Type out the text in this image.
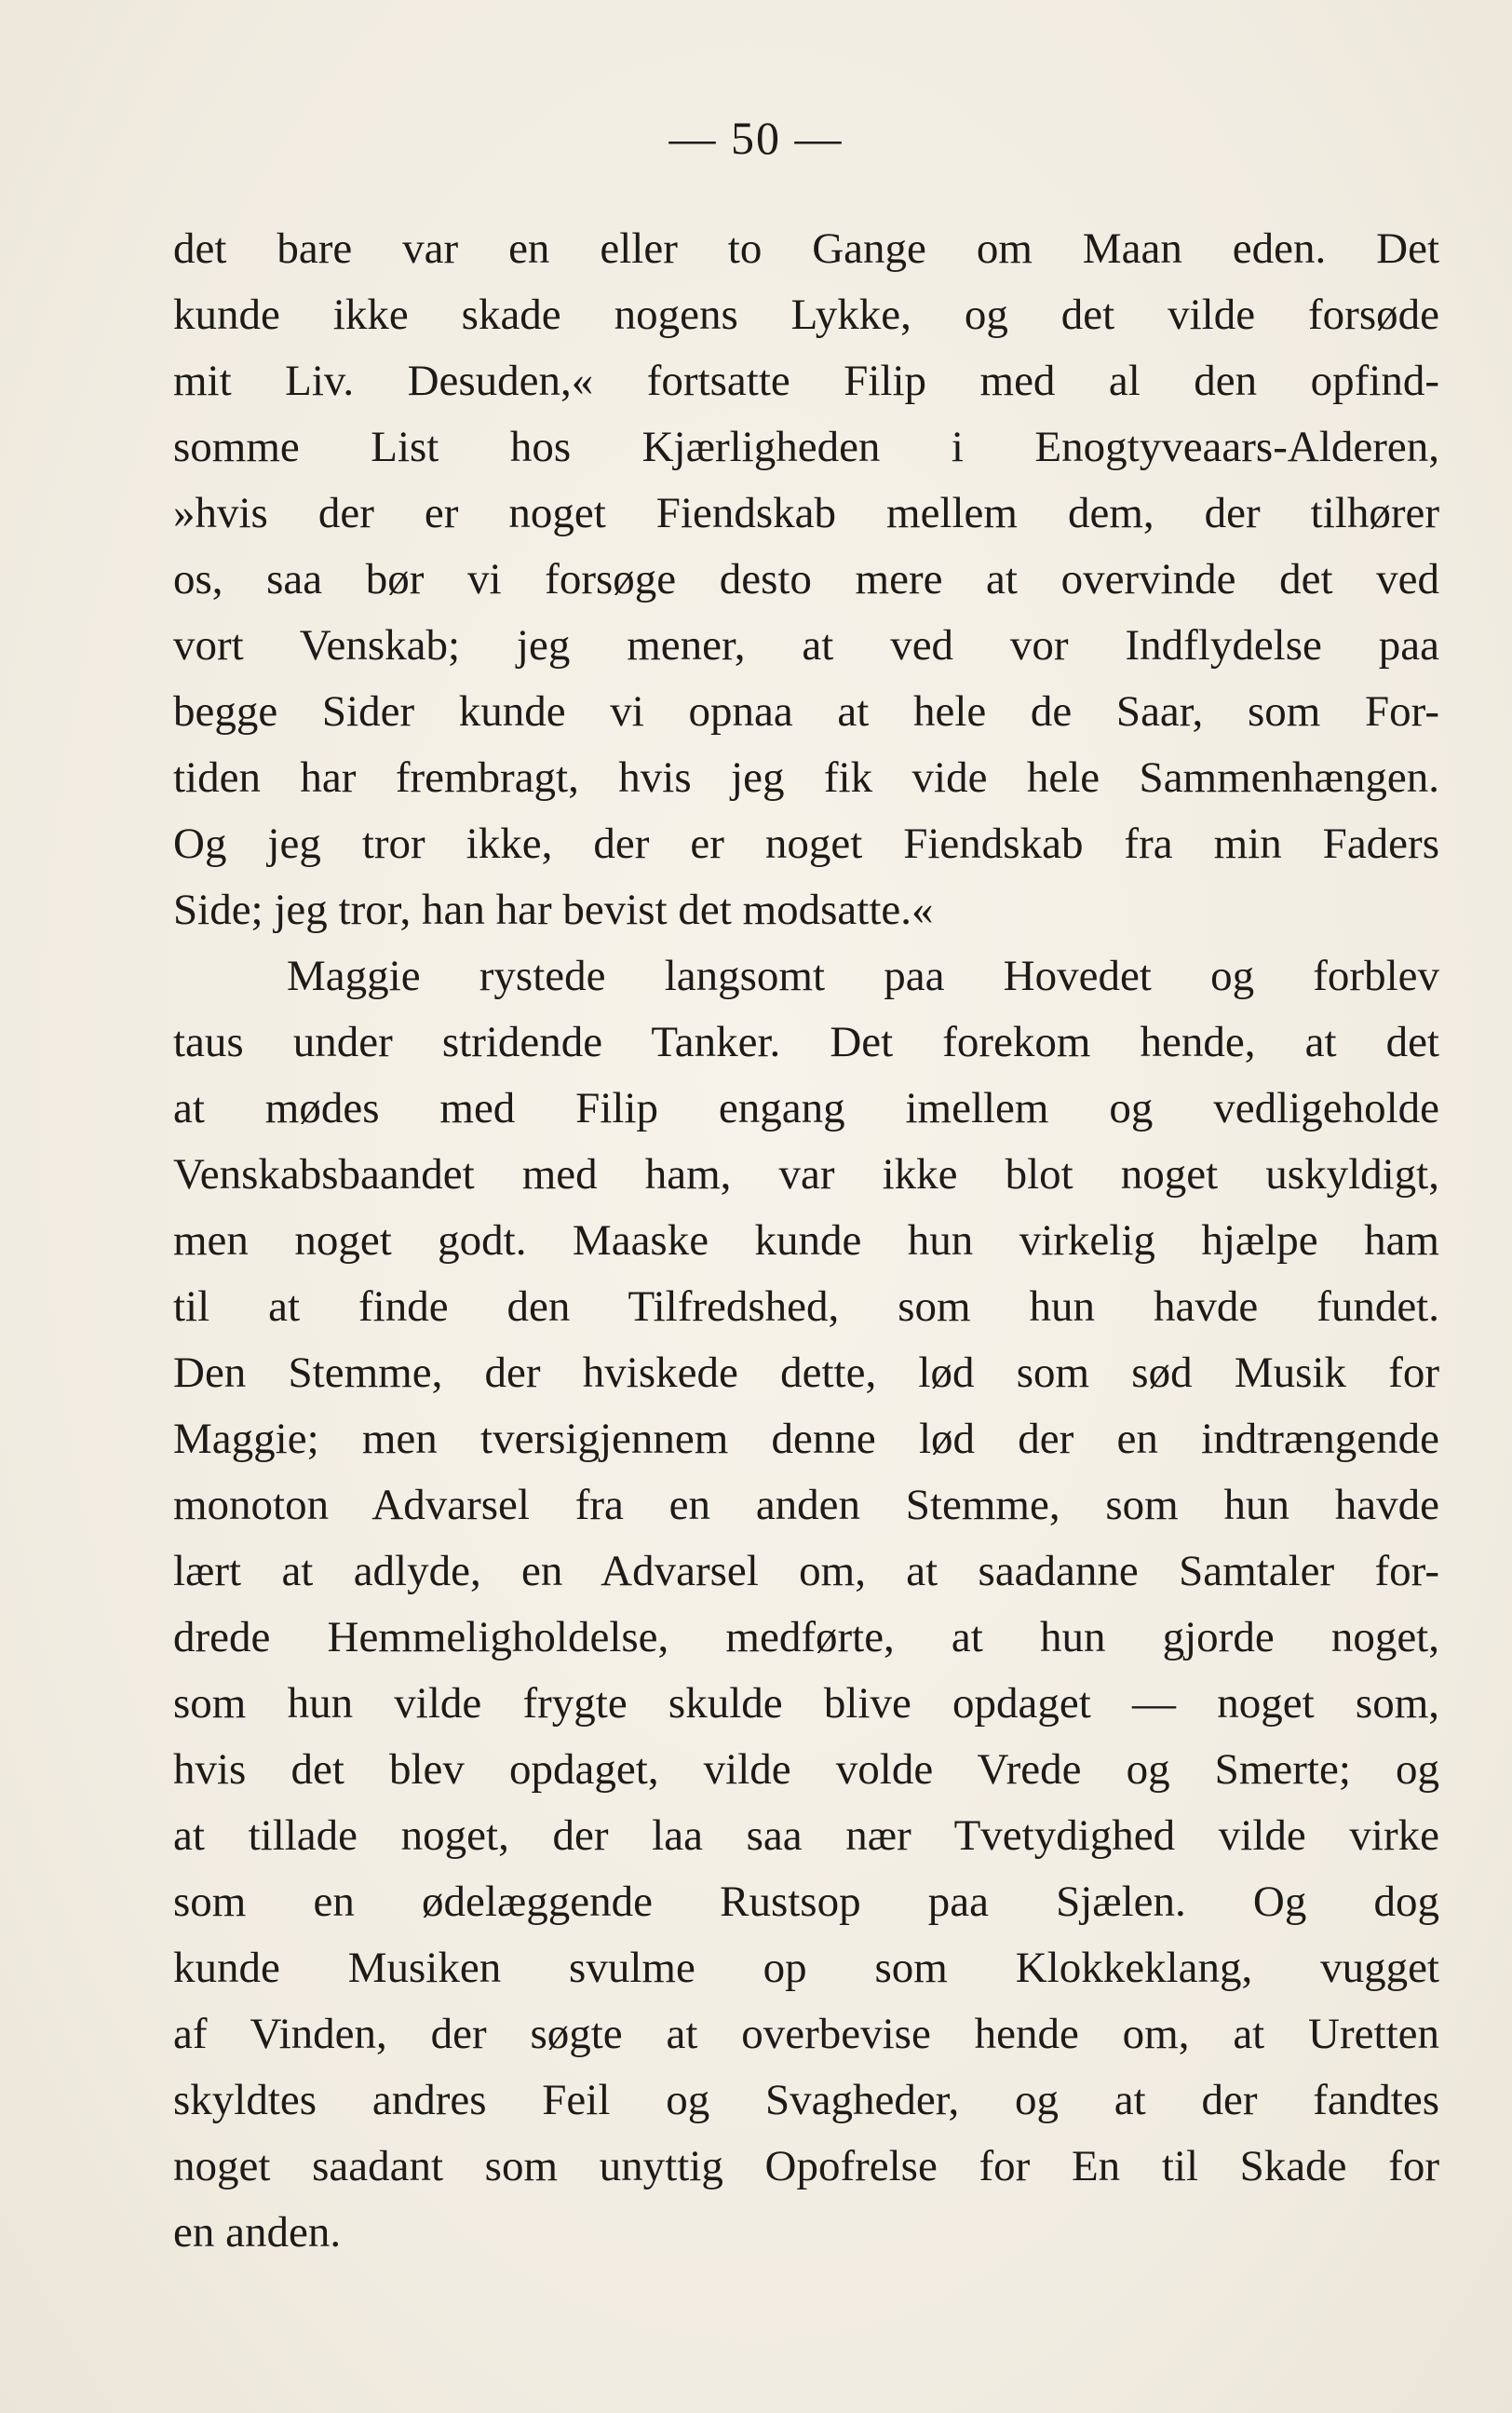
— 50 —
det bare var en eller to Gange om Maan eden. Det
kunde ikke skade nogens Lykke, og det vilde forsøde
mit Liv. Desuden,« fortsatte Filip med al den opfind-
somme List hos Kjærligheden i Enogtyveaars-Alderen,
»hvis der er noget Fiendskab mellem dem, der tilhører
os, saa bør vi forsøge desto mere at overvinde det ved
vort Venskab; jeg mener, at ved vor Indflydelse paa
begge Sider kunde vi opnaa at hele de Saar, som For-
tiden har frembragt, hvis jeg fik vide hele Sammenhængen.
Og jeg tror ikke, der er noget Fiendskab fra min Faders
Side; jeg tror, han har bevist det modsatte.«
Maggie rystede langsomt paa Hovedet og forblev
taus under stridende Tanker. Det forekom hende, at det
at mødes med Filip engang imellem og vedligeholde
Venskabsbaandet med ham, var ikke blot noget uskyldigt,
men noget godt. Maaske kunde hun virkelig hjælpe ham
til at finde den Tilfredshed, som hun havde fundet.
Den Stemme, der hviskede dette, lød som sød Musik for
Maggie; men tversigjennem denne lød der en indtrængende
monoton Advarsel fra en anden Stemme, som hun havde
lært at adlyde, en Advarsel om, at saadanne Samtaler for-
drede Hemmeligholdelse, medførte, at hun gjorde noget,
som hun vilde frygte skulde blive opdaget — noget som,
hvis det blev opdaget, vilde volde Vrede og Smerte; og
at tillade noget, der laa saa nær Tvetydighed vilde virke
som en ødelæggende Rustsop paa Sjælen. Og dog
kunde Musiken svulme op som Klokkeklang, vugget
af Vinden, der søgte at overbevise hende om, at Uretten
skyldtes andres Feil og Svagheder, og at der fandtes
noget saadant som unyttig Opofrelse for En til Skade for
en anden.
